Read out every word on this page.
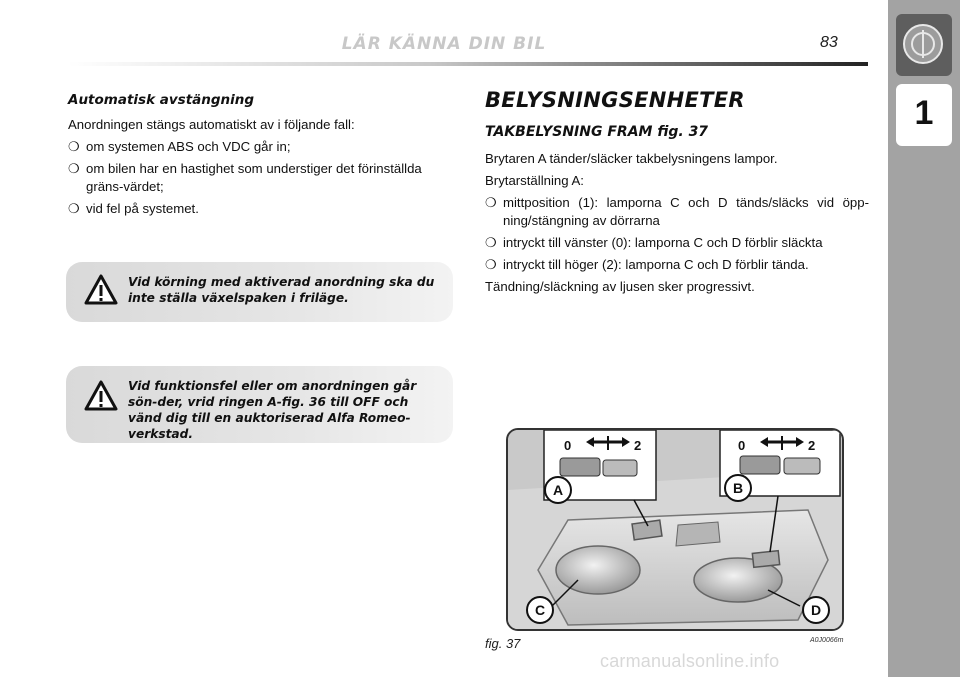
LÄR KÄNNA DIN BIL	83
1
Automatisk avstängning
Anordningen stängs automatiskt av i följande fall:
❍ om systemen ABS och VDC går in;
❍ om bilen har en hastighet som understiger det förinställda gräns-värdet;
❍ vid fel på systemet.
Vid körning med aktiverad anordning ska du inte ställa växelspaken i friläge.
Vid funktionsfel eller om anordningen går sön-der, vrid ringen A-fig. 36 till OFF och vänd dig till en auktoriserad Alfa Romeo-verkstad.
BELYSNINGSENHETER
TAKBELYSNING FRAM fig. 37
Brytaren A tänder/släcker takbelysningens lampor.
Brytarställning A:
❍ mittposition (1): lamporna C och D tänds/släcks vid öpp-ning/stängning av dörrarna
❍ intryckt till vänster (0): lamporna C och D förblir släckta
❍ intryckt till höger (2): lamporna C och D förblir tända.
Tändning/släckning av ljusen sker progressivt.
0	2	0	2
A	B
C	D
fig. 37	A0J0066m
carmanualsonline.info
